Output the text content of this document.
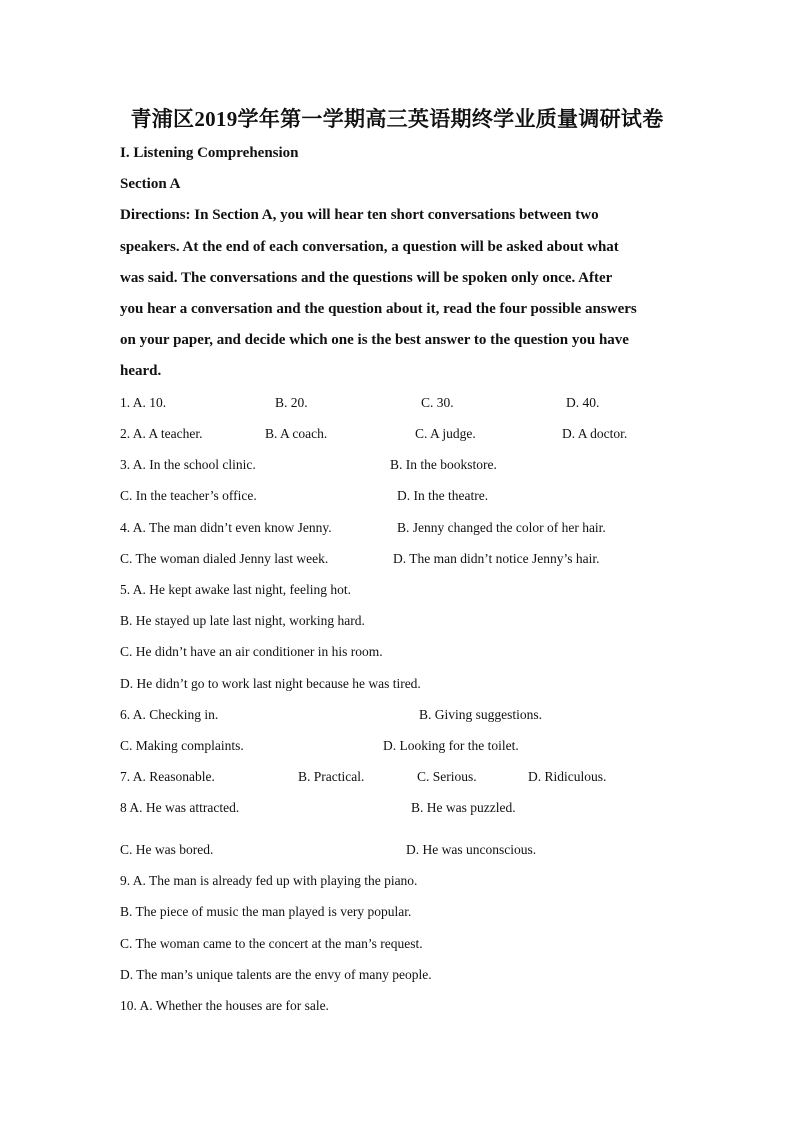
青浦区2019学年第一学期高三英语期终学业质量调研试卷
I. Listening Comprehension
Section A
Directions: In Section A, you will hear ten short conversations between two
speakers. At the end of each conversation, a question will be asked about what
was said. The conversations and the questions will be spoken only once. After
you hear a conversation and the question about it, read the four possible answers
on your paper, and decide which one is the best answer to the question you have
heard.
1. A. 10.	B. 20.	C. 30.	D. 40.
2. A. A teacher.	B. A coach.	C. A judge.	D. A doctor.
3. A. In the school clinic.	B. In the bookstore.
C. In the teacher’s office.	D. In the theatre.
4. A. The man didn’t even know Jenny.	B. Jenny changed the color of her hair.
C. The woman dialed Jenny last week.	D. The man didn’t notice Jenny’s hair.
5. A. He kept awake last night, feeling hot.
B. He stayed up late last night, working hard.
C. He didn’t have an air conditioner in his room.
D. He didn’t go to work last night because he was tired.
6. A. Checking in.	B. Giving suggestions.
C. Making complaints.	D. Looking for the toilet.
7. A. Reasonable.	B. Practical.	C. Serious.	D. Ridiculous.
8 A. He was attracted.	B. He was puzzled.
C. He was bored.	D. He was unconscious.
9. A. The man is already fed up with playing the piano.
B. The piece of music the man played is very popular.
C. The woman came to the concert at the man’s request.
D. The man’s unique talents are the envy of many people.
10. A. Whether the houses are for sale.
